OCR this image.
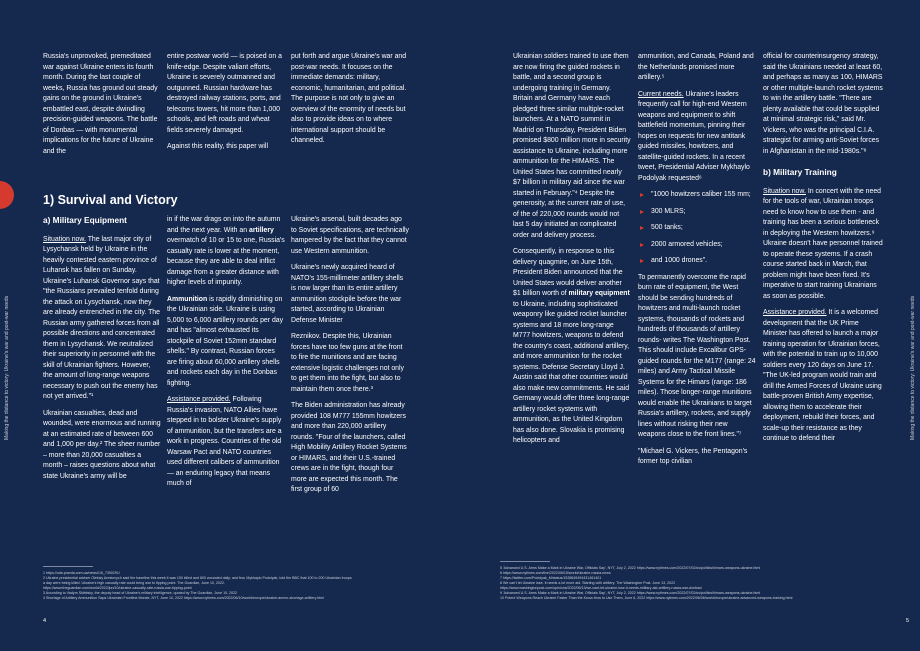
Making the distance to victory: Ukraine's war and post-war needs

Russia's unprovoked, premeditated war against Ukraine enters its fourth month. During the last couple of weeks, Russia has ground out steady gains on the ground in Ukraine's embattled east, despite dwindling precision-guided weapons. The battle of Donbas — with monumental implications for the future of Ukraine and the

entire postwar world — is poised on a knife-edge. Despite valiant efforts, Ukraine is severely outmanned and outgunned. Russian hardware has destroyed railway stations, ports, and telecoms towers, hit more than 1,000 schools, and left roads and wheat fields severely damaged.

Against this reality, this paper will

put forth and argue Ukraine's war and post-war needs. It focuses on the immediate demands: military, economic, humanitarian, and political. The purpose is not only to give an overview of the enormity of needs but also to provide ideas on to where international support should be channeled.

1) Survival and Victory
a) Military Equipment

Situation now. The last major city of Lysychansk held by Ukraine in the heavily contested eastern province of Luhansk has fallen on Sunday. Ukraine's Luhansk Governor says that "the Russians prevailed tenfold during the attack on Lysychansk, now they are already entrenched in the city. The Russian army gathered forces from all possible directions and concentrated them in Lysychansk. We neutralized their superiority in personnel with the skill of Ukrainian fighters. However, the amount of long-range weapons necessary to push out the enemy has not yet arrived."¹

Ukrainian casualties, dead and wounded, were enormous and running at an estimated rate of between 600 and 1,000 per day.² The sheer number – more than 20,000 casualties a month – raises questions about what state Ukraine's army will be

in if the war drags on into the autumn and the next year. With an artillery overmatch of 10 or 15 to one, Russia's casualty rate is lower at the moment, because they are able to deal inflict damage from a greater distance with higher levels of impunity.

Ammunition is rapidly diminishing on the Ukrainian side. Ukraine is using 5,000 to 6,000 artillery rounds per day and has "almost exhausted its stockpile of Soviet 152mm standard shells." By contrast, Russian forces are firing about 60,000 artillery shells and rockets each day in the Donbas fighting.

Assistance provided. Following Russia's invasion, NATO Allies have stepped in to bolster Ukraine's supply of ammunition, but the transfers are a work in progress. Countries of the old Warsaw Pact and NATO countries used different calibers of ammunition — an enduring legacy that means much of

Ukraine's arsenal, built decades ago to Soviet specifications, are technically hampered by the fact that they cannot use Western ammunition.

Ukraine's newly acquired heard of NATO's 155-millimeter artillery shells is now larger than its entire artillery ammunition stockpile before the war started, according to Ukrainian Defense Minister

Reznikov. Despite this, Ukrainian forces have too few guns at the front to fire the munitions and are facing extensive logistic challenges not only to get them into the fight, but also to maintain them once there.³

The Biden administration has already provided 108 M777 155mm howitzers and more than 220,000 artillery rounds. "Four of the launchers, called High Mobility Artillery Rocket Systems or HIMARS, and their U.S.-trained crews are in the fight, though four more are expected this month. The first group of 60

1 https://uda.pravda.com.ua/news/1/6_7390291/
2 Ukraine presidential adviser Oleksiy Arestovych said the baseline this week it was 150 killed and 800 wounded daily; and few, Mykhaylo Podolyak, told the BBC that 100 to 200 Ukrainian troops
a day were being killed. Ukraine's high casualty rate could bring war to tipping point. The Guardian, June 10, 2022.
https://www.theguardian.com/world/2022/jun/10/ukraine-casualty-rate-russia-war-tipping-point
3 According to Vadym Skibitsky, the deputy head of Ukraine's military intelligence, quoted by The Guardian, June 10, 2022
4 Shortage of Artillery Ammunition Saps Ukrainian Frontline Morale, NYT, June 10, 2022 https://www.nytimes.com/2022/06/10/world/europe/ukraine-ammo-shortage-artillery.html
4

Ukrainian soldiers trained to use them are now firing the guided rockets in battle, and a second group is undergoing training in Germany. Britain and Germany have each pledged three similar multiple-rocket launchers. At a NATO summit in Madrid on Thursday, President Biden promised $800 million more in security assistance to Ukraine, including more ammunition for the HIMARS. The United States has committed nearly $7 billion in military aid since the war started in February."⁴ Despite the generosity, at the current rate of use, of the of 220,000 rounds would not last 5 day initiated an complicated order and delivery process.

Consequently, in response to this delivery quagmire, on June 15th, President Biden announced that the United States would deliver another $1 billion worth of military equipment to Ukraine, including sophisticated weaponry like guided rocket launcher systems and 18 more long-range M777 howitzers, weapons to defend the country's coast, additional artillery, and more ammunition for the rocket systems. Defense Secretary Lloyd J. Austin said that other countries would also make new commitments. He said Germany would offer three long-range artillery rocket systems with ammunition, as the United Kingdom has also done. Slovakia is promising helicopters and

ammunition, and Canada, Poland and the Netherlands promised more artillery.⁵

Current needs. Ukraine's leaders frequently call for high-end Western weapons and equipment to shift battlefield momentum, pinning their hopes on requests for new antitank guided missiles, howitzers, and satellite-guided rockets. In a recent tweet, Presidential Adviser Mykhaylo Podolyak requested⁶

"1000 howitzers caliber 155 mm;
300 MLRS;
500 tanks;
2000 armored vehicles;
and 1000 drones".

To permanently overcome the rapid burn rate of equipment, the West should be sending hundreds of howitzers and multi-launch rocket systems, thousands of rockets and hundreds of thousands of artillery rounds- writes The Washington Post. This should include Excalibur GPS-guided rounds for the M177 (range: 24 miles) and Army Tactical Missile Systems for the Himars (range: 186 miles). Those longer-range munitions would enable the Ukrainians to target Russia's artillery, rockets, and supply lines without risking their new weapons close to the front lines."⁷

"Michael G. Vickers, the Pentagon's former top civilian

official for counterinsurgency strategy, said the Ukrainians needed at least 60, and perhaps as many as 100, HIMARS or other multiple-launch rocket systems to win the artillery battle. "There are plenty available that could be supplied at minimal strategic risk," said Mr. Vickers, who was the principal C.I.A. strategist for arming anti-Soviet forces in Afghanistan in the mid-1980s."⁸

b) Military Training

Situation now. In concert with the need for the tools of war, Ukrainian troops need to know how to use them - and training has been a serious bottleneck in deploying the Western howitzers.⁹ Ukraine doesn't have personnel trained to operate these systems. If a crash course started back in March, that problem might have been fixed. It's imperative to start training Ukrainians as soon as possible.

Assistance provided. It is a welcomed development that the UK Prime Minister has offered to launch a major training operation for Ukrainian forces, with the potential to train up to 10,000 soldiers every 120 days on June 17. "The UK-led program would train and drill the Armed Forces of Ukraine using battle-proven British Army expertise, allowing them to accelerate their deployment, rebuild their forces, and scale-up their resistance as they continue to defend their

5 'Advanced U.S. Arms Make a Mark in Ukraine War, Officials Say', NYT, July 2, 2022 https://www.nytimes.com/2022/07/02/us/politics/himars-weapons-ukraine.html
6 https://www.nytimes.com/live/2022/06/15/world/ukraine-russia-news
7 https://twitter.com/Podolyak_M/status/1535649494431461401
8 We can't let Ukraine lose. It needs a lot more aid. Starting with artillery. The Washington Post. June 13, 2022
https://www.washingtonpost.com/opinions/2022/06/13/we-cant-let-ukraine-lose-it-needs-military-aid-artillery-russia-war-donbas/
9 'Advanced U.S. Arms Make a Mark in Ukraine War, Officials Say', NYT, July 2, 2022 https://www.nytimes.com/2022/07/02/us/politics/himars-weapons-ukraine.html
10 Potent Weapons Reach Ukraine Faster Than the Know-How to Use Them, June 6, 2022 https://www.nytimes.com/2022/06/06/world/europe/ukraine-advanced-weapons-training.html
5
Making the distance to victory: Ukraine's war and post-war needs
